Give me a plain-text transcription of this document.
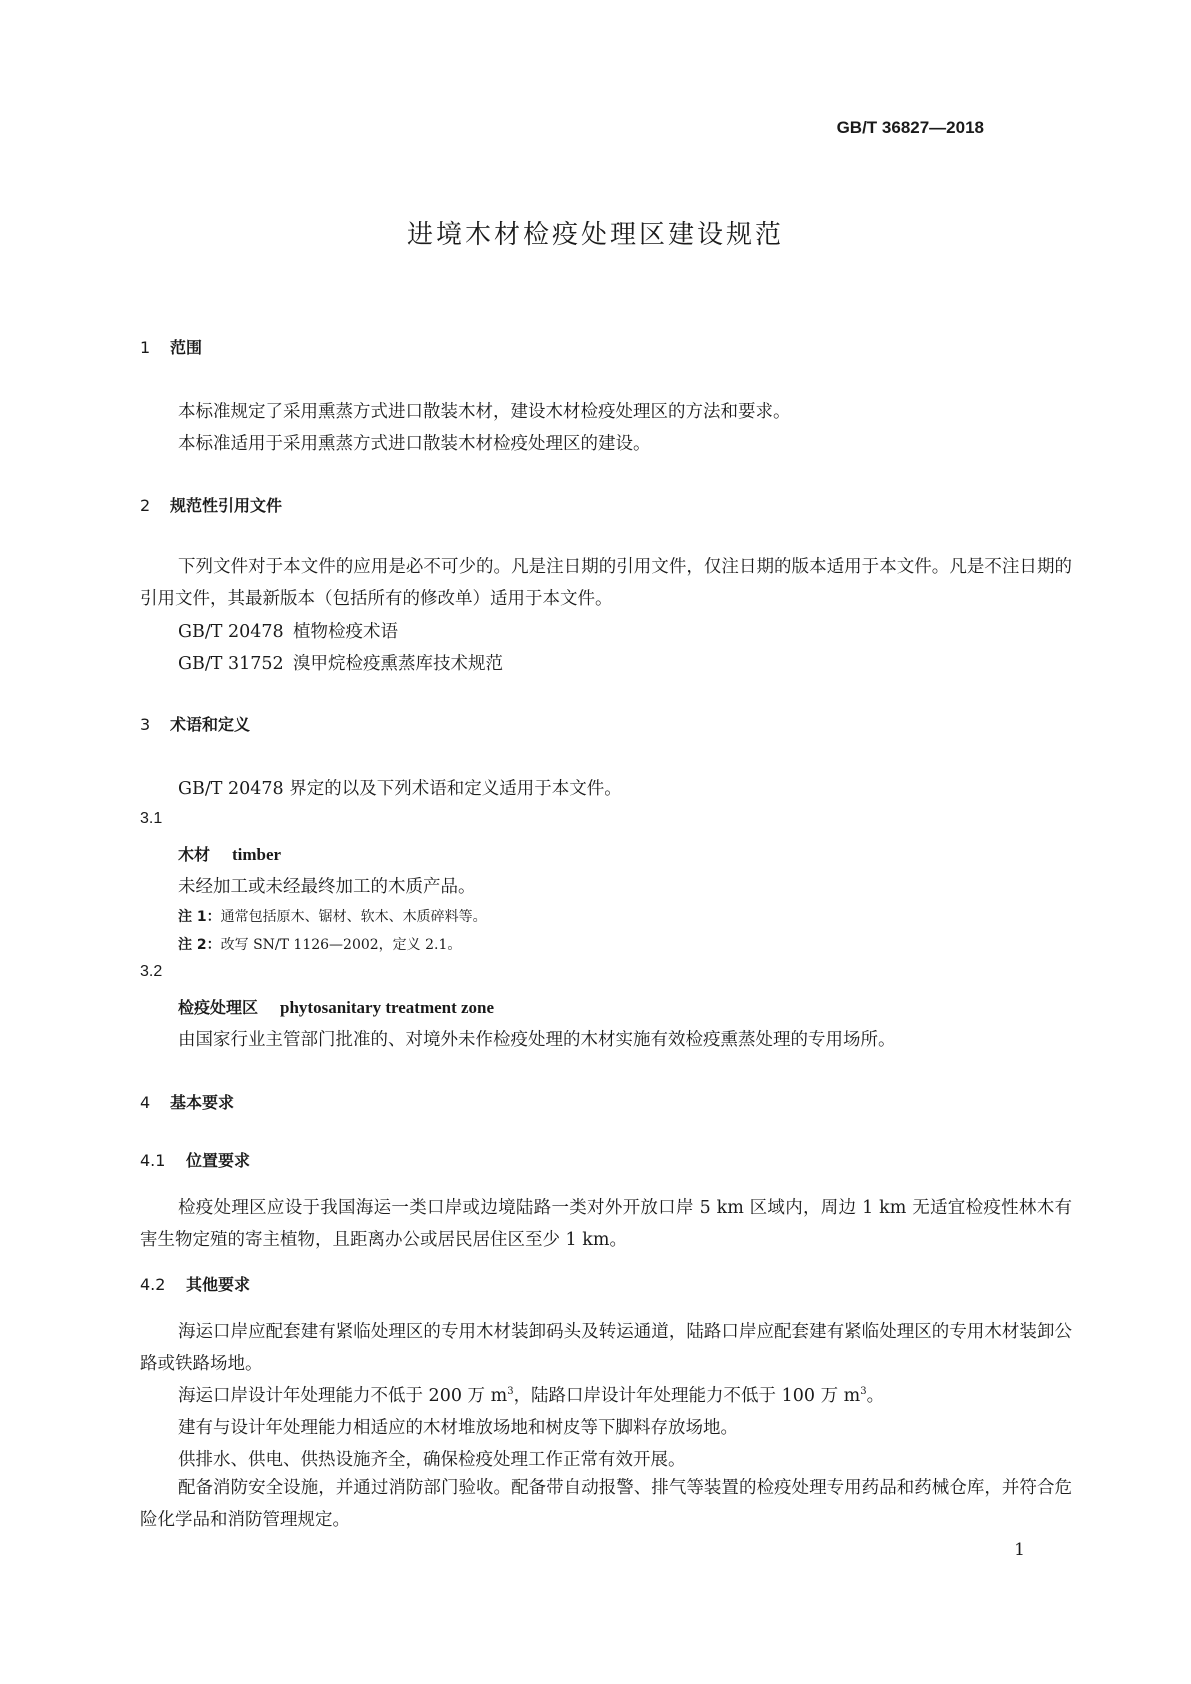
GB/T 36827—2018
进境木材检疫处理区建设规范
1 范围
本标准规定了采用熏蒸方式进口散装木材，建设木材检疫处理区的方法和要求。
本标准适用于采用熏蒸方式进口散装木材检疫处理区的建设。
2 规范性引用文件
下列文件对于本文件的应用是必不可少的。凡是注日期的引用文件，仅注日期的版本适用于本文件。凡是不注日期的引用文件，其最新版本（包括所有的修改单）适用于本文件。
GB/T 20478 植物检疫术语
GB/T 31752 溴甲烷检疫熏蒸库技术规范
3 术语和定义
GB/T 20478 界定的以及下列术语和定义适用于本文件。
3.1
木材 timber
未经加工或未经最终加工的木质产品。
注 1：通常包括原木、锯材、软木、木质碎料等。
注 2：改写 SN/T 1126—2002，定义 2.1。
3.2
检疫处理区 phytosanitary treatment zone
由国家行业主管部门批准的、对境外未作检疫处理的木材实施有效检疫熏蒸处理的专用场所。
4 基本要求
4.1 位置要求
检疫处理区应设于我国海运一类口岸或边境陆路一类对外开放口岸 5 km 区域内，周边 1 km 无适宜检疫性林木有害生物定殖的寄主植物，且距离办公或居民居住区至少 1 km。
4.2 其他要求
海运口岸应配套建有紧临处理区的专用木材装卸码头及转运通道，陆路口岸应配套建有紧临处理区的专用木材装卸公路或铁路场地。
海运口岸设计年处理能力不低于 200 万 $m^3$，陆路口岸设计年处理能力不低于 100 万 $m^3$。
建有与设计年处理能力相适应的木材堆放场地和树皮等下脚料存放场地。
供排水、供电、供热设施齐全，确保检疫处理工作正常有效开展。
配备消防安全设施，并通过消防部门验收。配备带自动报警、排气等装置的检疫处理专用药品和药械仓库，并符合危险化学品和消防管理规定。
1
